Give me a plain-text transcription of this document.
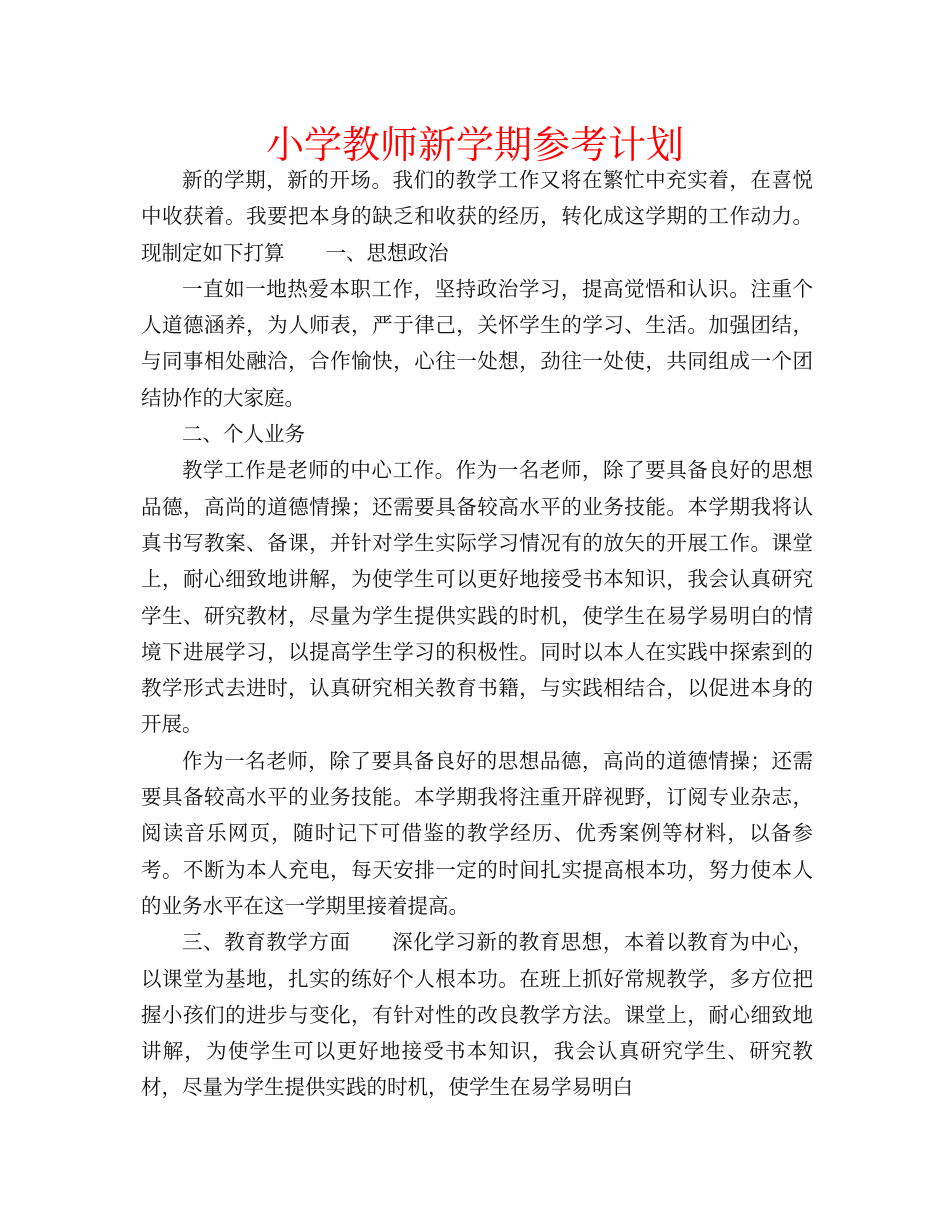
小学教师新学期参考计划

新的学期，新的开场。我们的教学工作又将在繁忙中充实着，在喜悦中收获着。我要把本身的缺乏和收获的经历，转化成这学期的工作动力。现制定如下打算 一、思想政治

一直如一地热爱本职工作，坚持政治学习，提高觉悟和认识。注重个人道德涵养，为人师表，严于律己，关怀学生的学习、生活。加强团结，与同事相处融洽，合作愉快，心往一处想，劲往一处使，共同组成一个团结协作的大家庭。

二、个人业务

教学工作是老师的中心工作。作为一名老师，除了要具备良好的思想品德，高尚的道德情操；还需要具备较高水平的业务技能。本学期我将认真书写教案、备课，并针对学生实际学习情况有的放矢的开展工作。课堂上，耐心细致地讲解，为使学生可以更好地接受书本知识，我会认真研究学生、研究教材，尽量为学生提供实践的时机，使学生在易学易明白的情境下进展学习，以提高学生学习的积极性。同时以本人在实践中探索到的教学形式去进时，认真研究相关教育书籍，与实践相结合，以促进本身的开展。

作为一名老师，除了要具备良好的思想品德，高尚的道德情操；还需要具备较高水平的业务技能。本学期我将注重开辟视野，订阅专业杂志，阅读音乐网页，随时记下可借鉴的教学经历、优秀案例等材料，以备参考。不断为本人充电，每天安排一定的时间扎实提高根本功，努力使本人的业务水平在这一学期里接着提高。

三、教育教学方面 深化学习新的教育思想，本着以教育为中心，以课堂为基地，扎实的练好个人根本功。在班上抓好常规教学，多方位把握小孩们的进步与变化，有针对性的改良教学方法。课堂上，耐心细致地讲解，为使学生可以更好地接受书本知识，我会认真研究学生、研究教材，尽量为学生提供实践的时机，使学生在易学易明白
